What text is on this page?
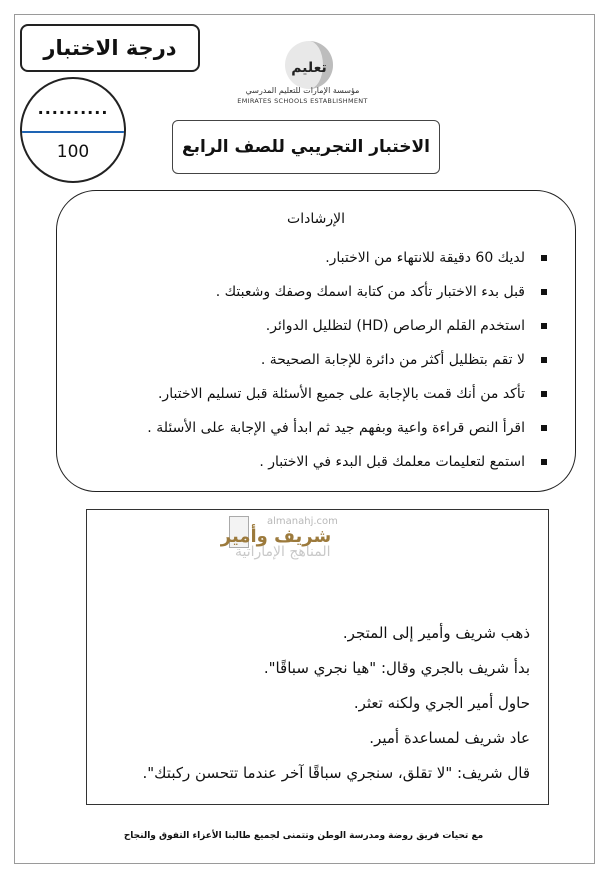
درجة الاختبار
..........
100
تعليم
مؤسسة الإمارات للتعليم المدرسي
EMIRATES SCHOOLS ESTABLISHMENT
الاختبار التجريبي للصف الرابع
الإرشادات
لديك 60 دقيقة للانتهاء من الاختبار.
قبل بدء الاختبار تأكد من كتابة اسمك وصفك وشعبتك .
استخدم القلم الرصاص (HD) لتظليل الدوائر.
لا تقم بتظليل أكثر من دائرة للإجابة الصحيحة .
تأكد من أنك قمت بالإجابة على جميع الأسئلة قبل تسليم الاختبار.
اقرأ النص قراءة واعية وبفهم جيد ثم ابدأ في الإجابة على الأسئلة .
استمع لتعليمات معلمك قبل البدء في الاختبار .
almanahj.com
شريف وأمير
المناهج الإماراتية
ذهب شريف وأمير إلى المتجر.
بدأ شريف بالجري وقال: "هيا نجري سباقًا".
حاول أمير الجري ولكنه تعثر.
عاد شريف لمساعدة أمير.
قال شريف: "لا تقلق، سنجري سباقًا آخر عندما تتحسن ركبتك".
مع تحيات فريق روضة ومدرسة الوطن وتتمنى لجميع طالبنا الأعزاء التفوق والنجاح
